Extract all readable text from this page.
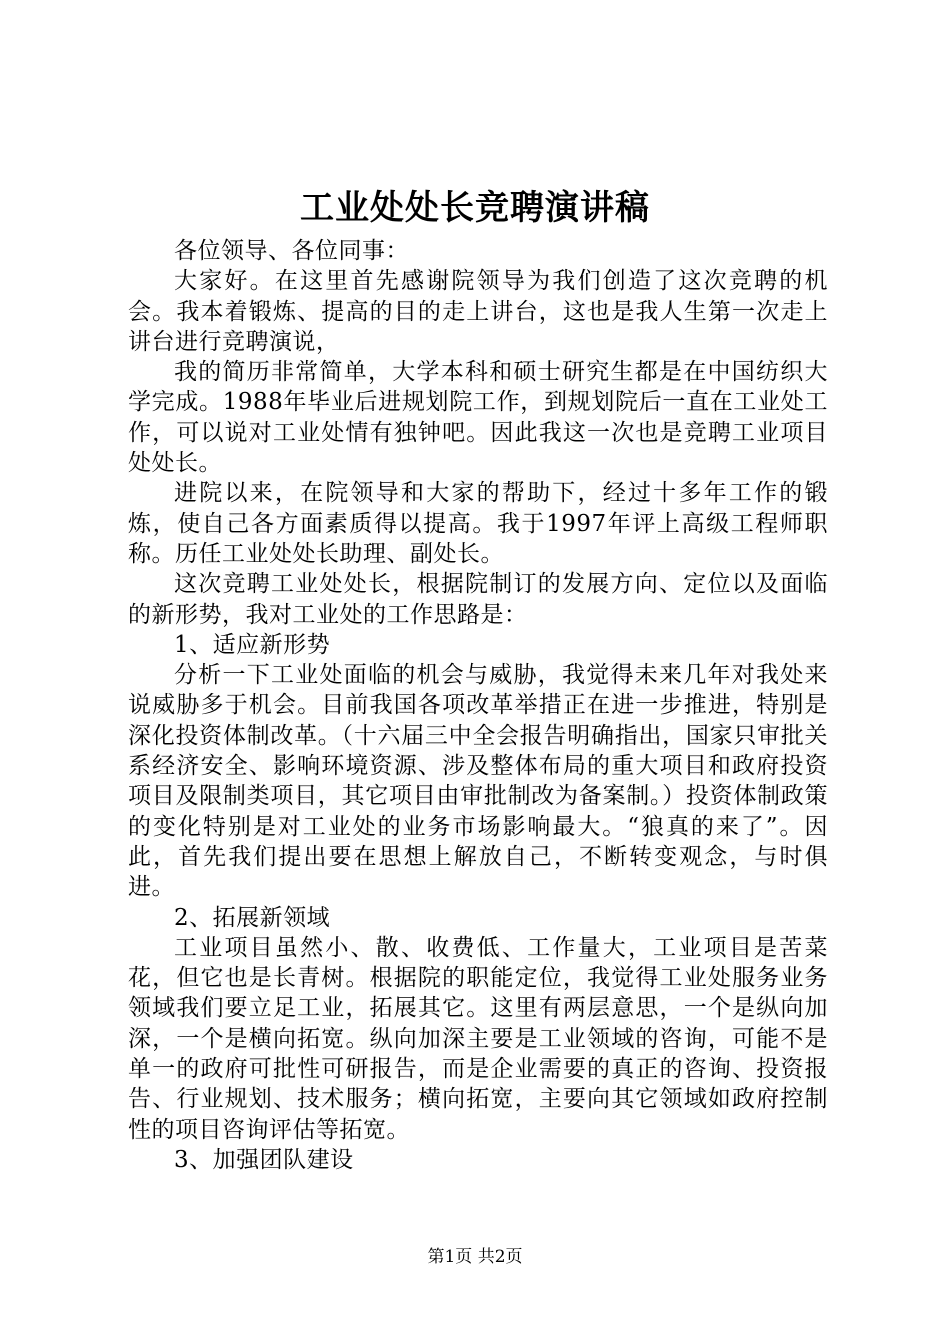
工业处处长竞聘演讲稿

各位领导、各位同事：

大家好。在这里首先感谢院领导为我们创造了这次竞聘的机会。我本着锻炼、提高的目的走上讲台，这也是我人生第一次走上讲台进行竞聘演说，

我的简历非常简单，大学本科和硕士研究生都是在中国纺织大学完成。1988年毕业后进规划院工作，到规划院后一直在工业处工作，可以说对工业处情有独钟吧。因此我这一次也是竞聘工业项目处处长。

进院以来，在院领导和大家的帮助下，经过十多年工作的锻炼，使自己各方面素质得以提高。我于1997年评上高级工程师职称。历任工业处处长助理、副处长。

这次竞聘工业处处长，根据院制订的发展方向、定位以及面临的新形势，我对工业处的工作思路是：

1、适应新形势

分析一下工业处面临的机会与威胁，我觉得未来几年对我处来说威胁多于机会。目前我国各项改革举措正在进一步推进，特别是深化投资体制改革。（十六届三中全会报告明确指出，国家只审批关系经济安全、影响环境资源、涉及整体布局的重大项目和政府投资项目及限制类项目，其它项目由审批制改为备案制。）投资体制政策的变化特别是对工业处的业务市场影响最大。“狼真的来了”。因此，首先我们提出要在思想上解放自己，不断转变观念，与时俱进。

2、拓展新领域

工业项目虽然小、散、收费低、工作量大，工业项目是苦菜花，但它也是长青树。根据院的职能定位，我觉得工业处服务业务领域我们要立足工业，拓展其它。这里有两层意思，一个是纵向加深，一个是横向拓宽。纵向加深主要是工业领域的咨询，可能不是单一的政府可批性可研报告，而是企业需要的真正的咨询、投资报告、行业规划、技术服务；横向拓宽，主要向其它领域如政府控制性的项目咨询评估等拓宽。

3、加强团队建设

第1页 共2页
